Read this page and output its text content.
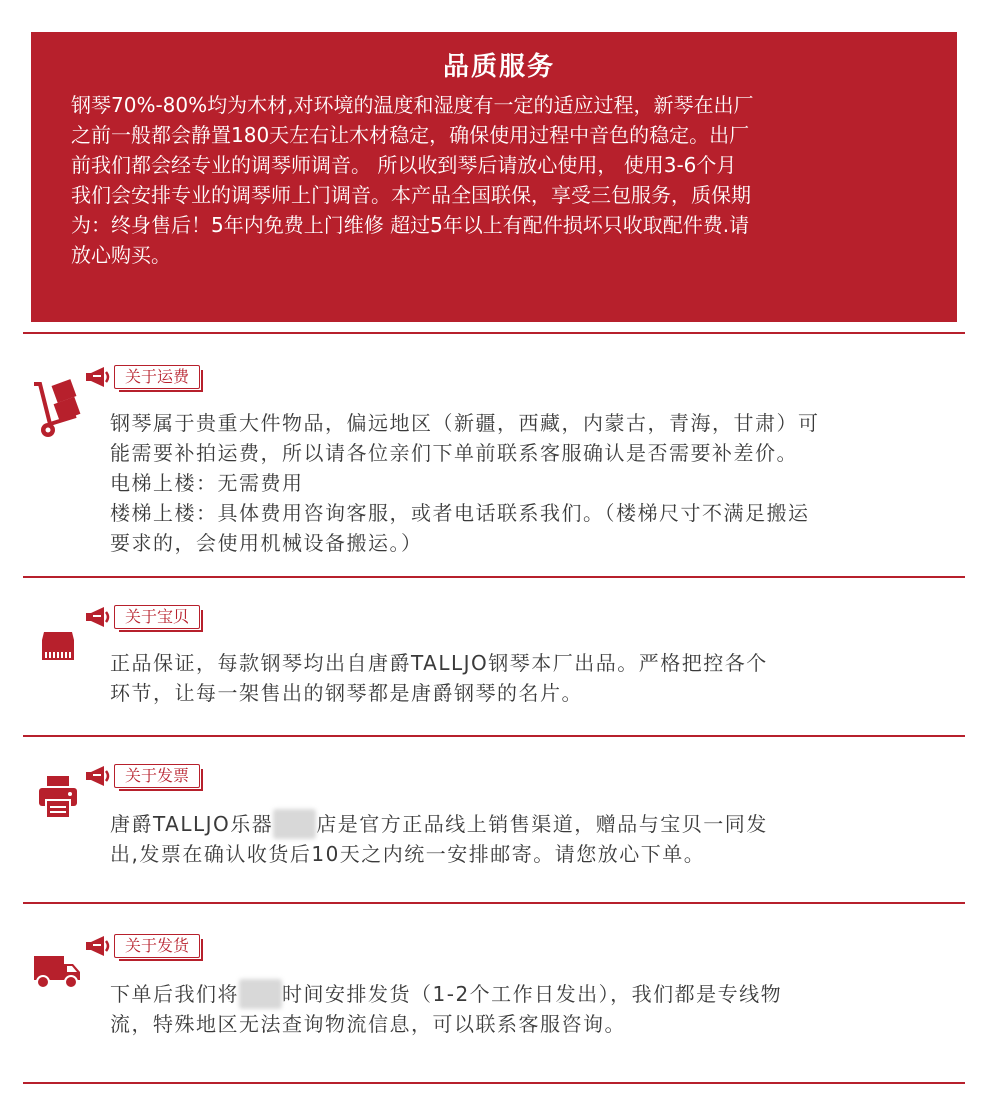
品质服务

钢琴70%-80%均为木材,对环境的温度和湿度有一定的适应过程，新琴在出厂
之前一般都会静置180天左右让木材稳定，确保使用过程中音色的稳定。出厂
前我们都会经专业的调琴师调音。 所以收到琴后请放心使用， 使用3-6个月
我们会安排专业的调琴师上门调音。本产品全国联保，享受三包服务，质保期
为：终身售后！5年内免费上门维修 超过5年以上有配件损坏只收取配件费.请
放心购买。

关于运费
钢琴属于贵重大件物品，偏远地区（新疆，西藏，内蒙古，青海，甘肃）可
能需要补拍运费，所以请各位亲们下单前联系客服确认是否需要补差价。
电梯上楼：无需费用
楼梯上楼：具体费用咨询客服，或者电话联系我们。（楼梯尺寸不满足搬运
要求的，会使用机械设备搬运。）
关于宝贝
正品保证，每款钢琴均出自唐爵TALLJO钢琴本厂出品。严格把控各个
环节，让每一架售出的钢琴都是唐爵钢琴的名片。
关于发票
唐爵TALLJO乐器 店是官方正品线上销售渠道，赠品与宝贝一同发
出,发票在确认收货后10天之内统一安排邮寄。请您放心下单。
关于发货
下单后我们将 时间安排发货（1-2个工作日发出），我们都是专线物
流，特殊地区无法查询物流信息，可以联系客服咨询。
